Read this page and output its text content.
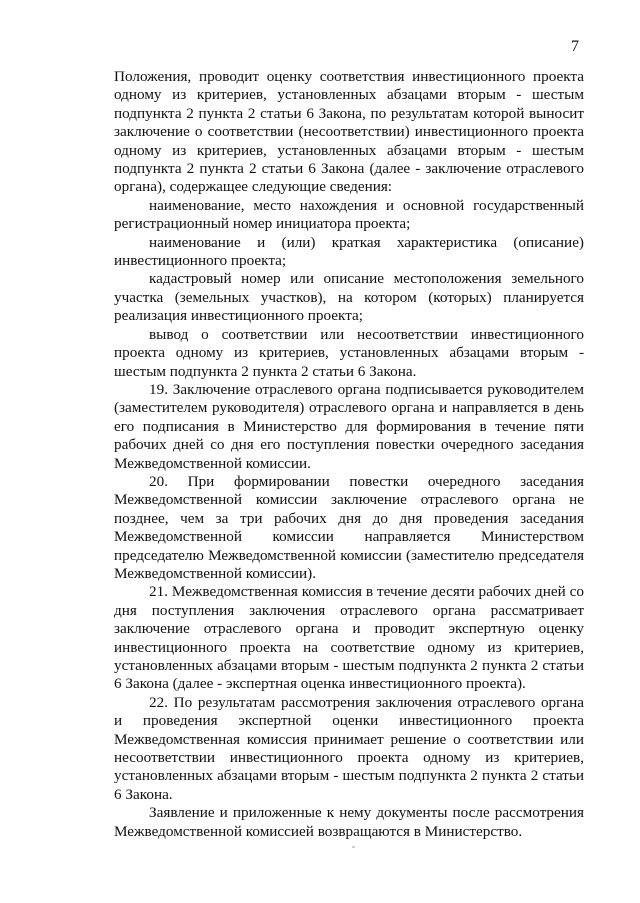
7

Положения, проводит оценку соответствия инвестиционного проекта одному из критериев, установленных абзацами вторым - шестым подпункта 2 пункта 2 статьи 6 Закона, по результатам которой выносит заключение о соответствии (несоответствии) инвестиционного проекта одному из критериев, установленных абзацами вторым - шестым подпункта 2 пункта 2 статьи 6 Закона (далее - заключение отраслевого органа), содержащее следующие сведения:

наименование, место нахождения и основной государственный регистрационный номер инициатора проекта;

наименование и (или) краткая характеристика (описание) инвестиционного проекта;

кадастровый номер или описание местоположения земельного участка (земельных участков), на котором (которых) планируется реализация инвестиционного проекта;

вывод о соответствии или несоответствии инвестиционного проекта одному из критериев, установленных абзацами вторым - шестым подпункта 2 пункта 2 статьи 6 Закона.

19. Заключение отраслевого органа подписывается руководителем (заместителем руководителя) отраслевого органа и направляется в день его подписания в Министерство для формирования в течение пяти рабочих дней со дня его поступления повестки очередного заседания Межведомственной комиссии.

20. При формировании повестки очередного заседания Межведомственной комиссии заключение отраслевого органа не позднее, чем за три рабочих дня до дня проведения заседания Межведомственной комиссии направляется Министерством председателю Межведомственной комиссии (заместителю председателя Межведомственной комиссии).

21. Межведомственная комиссия в течение десяти рабочих дней со дня поступления заключения отраслевого органа рассматривает заключение отраслевого органа и проводит экспертную оценку инвестиционного проекта на соответствие одному из критериев, установленных абзацами вторым - шестым подпункта 2 пункта 2 статьи 6 Закона (далее - экспертная оценка инвестиционного проекта).

22. По результатам рассмотрения заключения отраслевого органа и проведения экспертной оценки инвестиционного проекта Межведомственная комиссия принимает решение о соответствии или несоответствии инвестиционного проекта одному из критериев, установленных абзацами вторым - шестым подпункта 2 пункта 2 статьи 6 Закона.

Заявление и приложенные к нему документы после рассмотрения Межведомственной комиссией возвращаются в Министерство.
